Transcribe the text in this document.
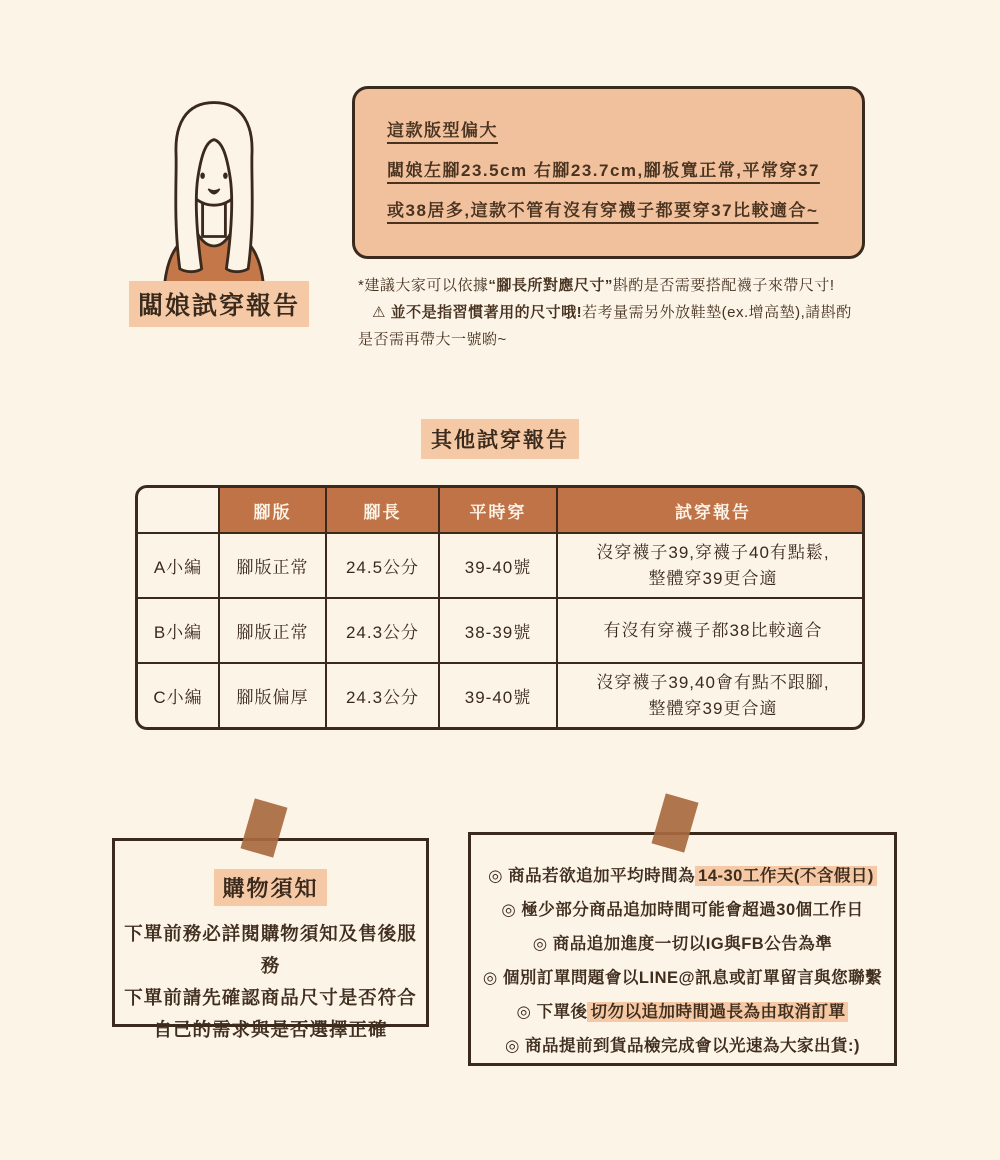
闆娘試穿報告
這款版型偏大
闆娘左腳23.5cm 右腳23.7cm,腳板寬正常,平常穿37
或38居多,這款不管有沒有穿襪子都要穿37比較適合~
*建議大家可以依據“腳長所對應尺寸”斟酌是否需要搭配襪子來帶尺寸!
⚠ 並不是指習慣著用的尺寸哦!若考量需另外放鞋墊(ex.增高墊),請斟酌
是否需再帶大一號喲~
其他試穿報告
	腳版	腳長	平時穿	試穿報告
A小編	腳版正常	24.5公分	39-40號	沒穿襪子39,穿襪子40有點鬆,
整體穿39更合適

B小編	腳版正常	24.3公分	38-39號	有沒有穿襪子都38比較適合

C小編	腳版偏厚	24.3公分	39-40號	沒穿襪子39,40會有點不跟腳,
整體穿39更合適
購物須知
下單前務必詳閱購物須知及售後服務
下單前請先確認商品尺寸是否符合
自己的需求與是否選擇正確
◎ 商品若欲追加平均時間為 14-30工作天(不含假日)
◎ 極少部分商品追加時間可能會超過30個工作日
◎ 商品追加進度一切以IG與FB公告為準
◎ 個別訂單問題會以LINE@訊息或訂單留言與您聯繫
◎ 下單後 切勿以追加時間過長為由取消訂單
◎ 商品提前到貨品檢完成會以光速為大家出貨:)
